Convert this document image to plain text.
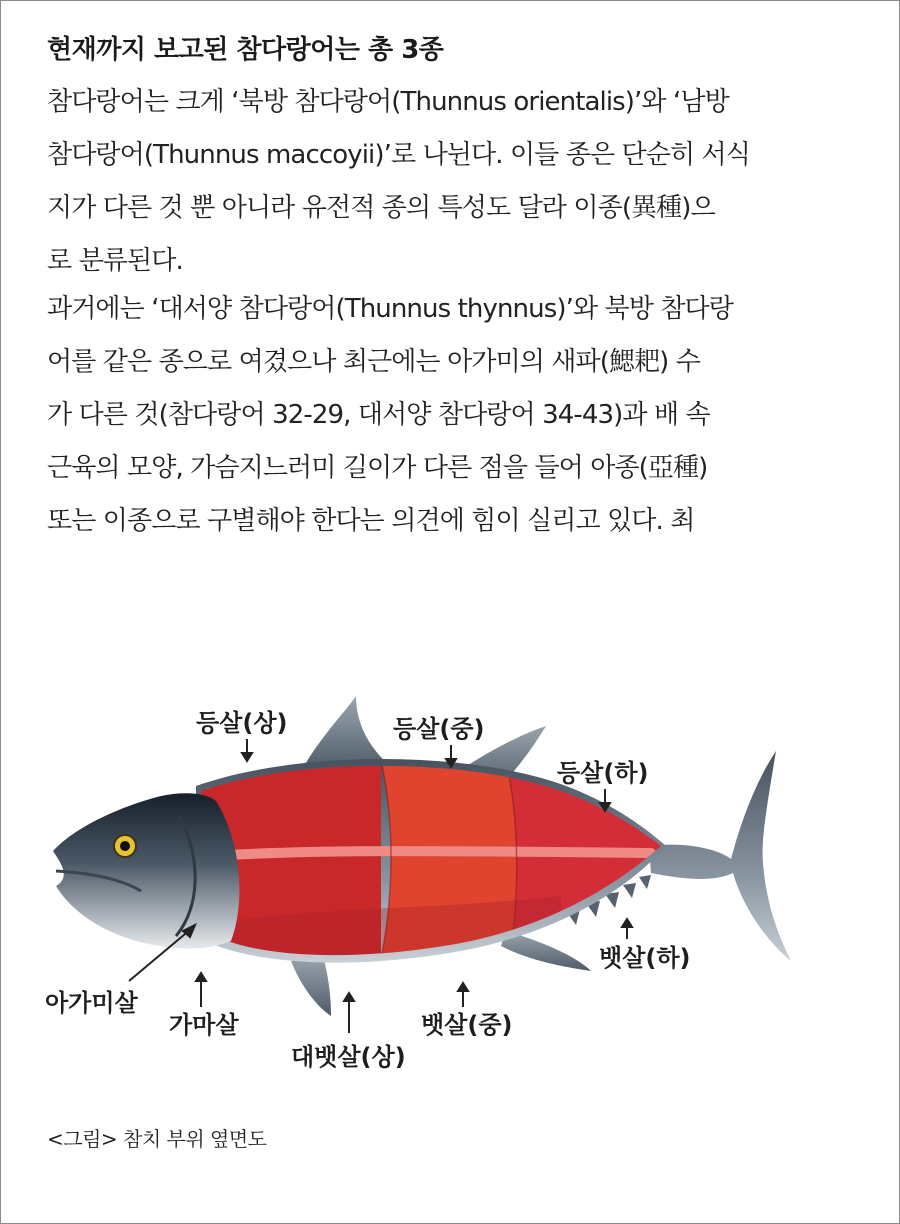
현재까지 보고된 참다랑어는 총 3종
참다랑어는 크게 ‘북방 참다랑어(Thunnus orientalis)’와 ‘남방
참다랑어(Thunnus maccoyii)’로 나뉜다. 이들 종은 단순히 서식
지가 다른 것 뿐 아니라 유전적 종의 특성도 달라 이종(異種)으
로 분류된다.
과거에는 ‘대서양 참다랑어(Thunnus thynnus)’와 북방 참다랑
어를 같은 종으로 여겼으나 최근에는 아가미의 새파(鰓耙) 수
가 다른 것(참다랑어 32-29, 대서양 참다랑어 34-43)과 배 속
근육의 모양, 가슴지느러미 길이가 다른 점을 들어 아종(亞種)
또는 이종으로 구별해야 한다는 의견에 힘이 실리고 있다. 최
등살(상)	등살(중)
등살(하)
뱃살(하)
뱃살(중)
대뱃살(상)
가마살
아가미살
<그림> 참치 부위 옆면도
